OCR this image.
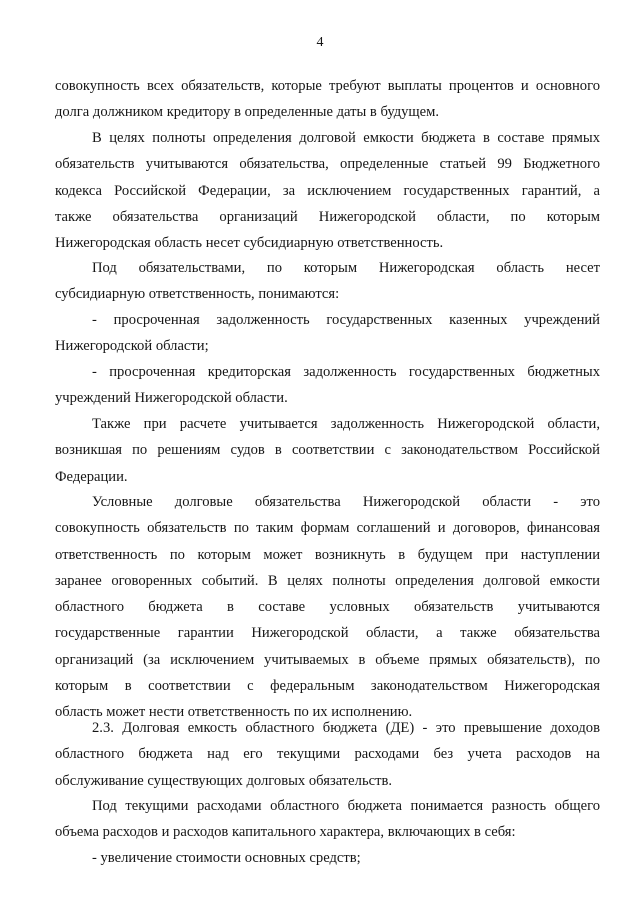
4
совокупность всех обязательств, которые требуют выплаты процентов и основного
долга должником кредитору в определенные даты в будущем.
В целях полноты определения долговой емкости бюджета в составе прямых
обязательств учитываются обязательства, определенные статьей 99 Бюджетного
кодекса Российской Федерации, за исключением государственных гарантий, а
также обязательства организаций Нижегородской области, по которым
Нижегородская область несет субсидиарную ответственность.
Под обязательствами, по которым Нижегородская область несет
субсидиарную ответственность, понимаются:
- просроченная задолженность государственных казенных учреждений
Нижегородской области;
- просроченная кредиторская задолженность государственных бюджетных
учреждений Нижегородской области.
Также при расчете учитывается задолженность Нижегородской области,
возникшая по решениям судов в соответствии с законодательством Российской
Федерации.
Условные долговые обязательства Нижегородской области - это
совокупность обязательств по таким формам соглашений и договоров, финансовая
ответственность по которым может возникнуть в будущем при наступлении
заранее оговоренных событий. В целях полноты определения долговой емкости
областного бюджета в составе условных обязательств учитываются
государственные гарантии Нижегородской области, а также обязательства
организаций (за исключением учитываемых в объеме прямых обязательств), по
которым в соответствии с федеральным законодательством Нижегородская
область может нести ответственность по их исполнению.
2.3. Долговая емкость областного бюджета (ДЕ) - это превышение доходов
областного бюджета над его текущими расходами без учета расходов на
обслуживание существующих долговых обязательств.
Под текущими расходами областного бюджета понимается разность общего
объема расходов и расходов капитального характера, включающих в себя:
- увеличение стоимости основных средств;
